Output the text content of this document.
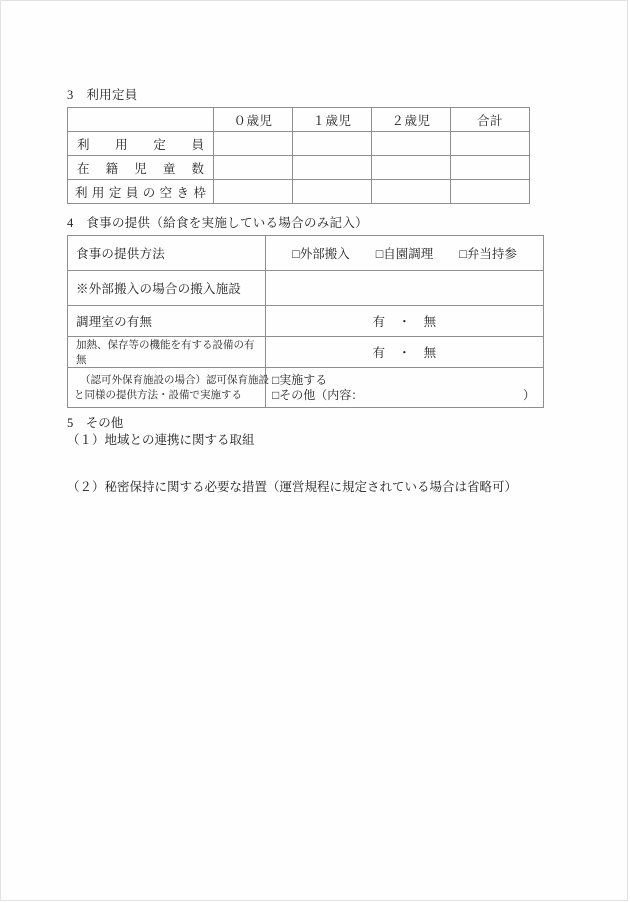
3　利用定員
	０歳児	１歳児	２歳児	合計

利用定員				

在籍児童数				

利用定員の空き枠				

4　食事の提供（給食を実施している場合のみ記入）
食事の提供方法	□外部搬入 □自園調理 □弁当持参

※外部搬入の場合の搬入施設	
調理室の有無	有　・　無
加熱、保存等の機能を有する設備の有無	有　・　無

（認可外保育施設の場合）認可保育施設
と同様の提供方法・設備で実施する

□実施する
□その他（内容：	）
5　その他
（１）地域との連携に関する取組
（２）秘密保持に関する必要な措置（運営規程に規定されている場合は省略可）
